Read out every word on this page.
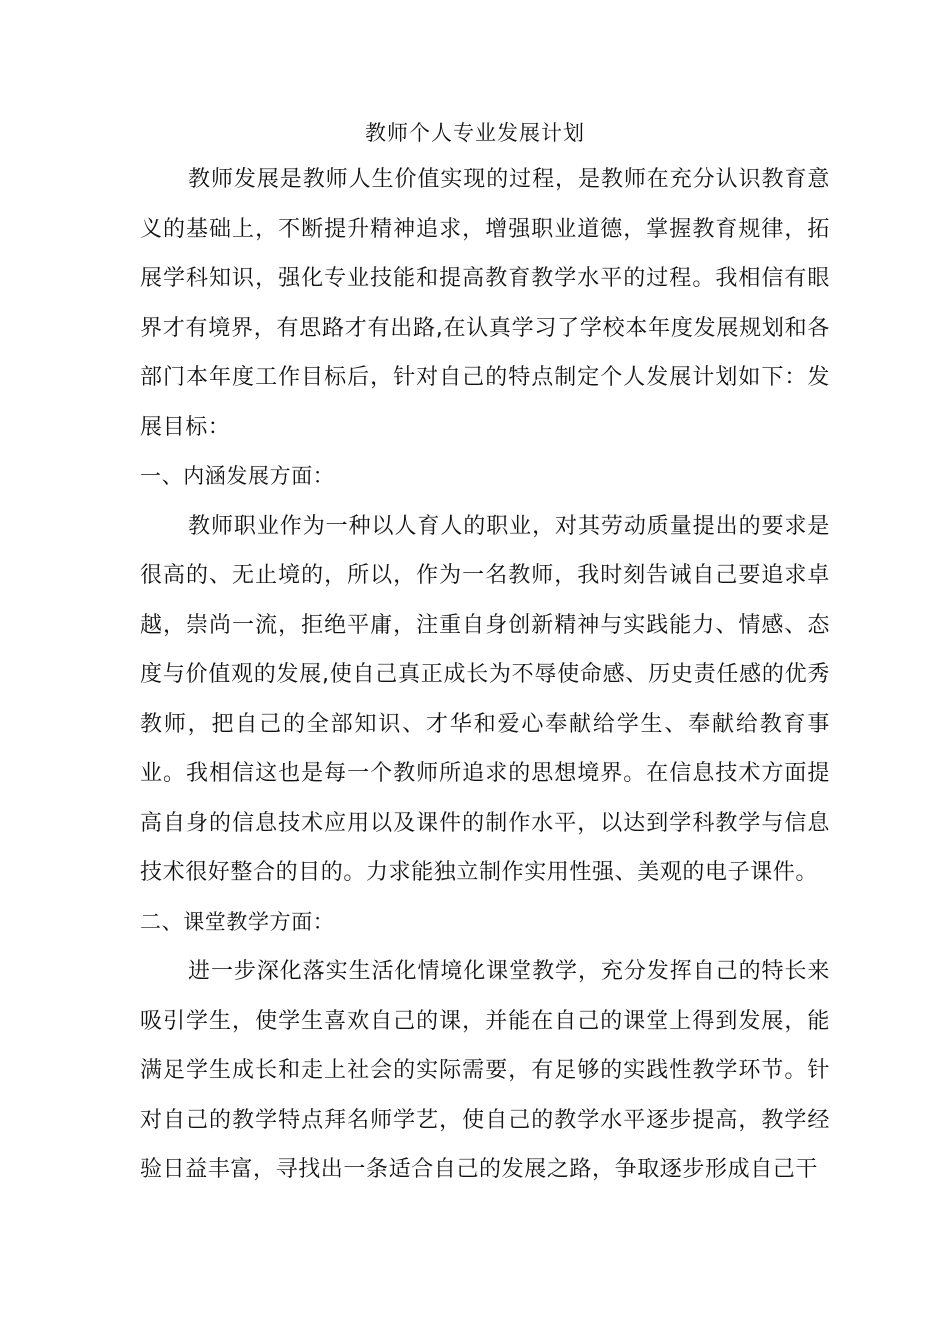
教师个人专业发展计划

教师发展是教师人生价值实现的过程，是教师在充分认识教育意义的基础上，不断提升精神追求，增强职业道德，掌握教育规律，拓展学科知识，强化专业技能和提高教育教学水平的过程。我相信有眼界才有境界，有思路才有出路,在认真学习了学校本年度发展规划和各部门本年度工作目标后，针对自己的特点制定个人发展计划如下：发展目标：

一、内涵发展方面：

教师职业作为一种以人育人的职业，对其劳动质量提出的要求是很高的、无止境的，所以，作为一名教师，我时刻告诫自己要追求卓越，崇尚一流，拒绝平庸，注重自身创新精神与实践能力、情感、态度与价值观的发展,使自己真正成长为不辱使命感、历史责任感的优秀教师，把自己的全部知识、才华和爱心奉献给学生、奉献给教育事业。我相信这也是每一个教师所追求的思想境界。在信息技术方面提高自身的信息技术应用以及课件的制作水平，以达到学科教学与信息技术很好整合的目的。力求能独立制作实用性强、美观的电子课件。

二、课堂教学方面：

进一步深化落实生活化情境化课堂教学，充分发挥自己的特长来吸引学生，使学生喜欢自己的课，并能在自己的课堂上得到发展，能满足学生成长和走上社会的实际需要，有足够的实践性教学环节。针对自己的教学特点拜名师学艺，使自己的教学水平逐步提高，教学经验日益丰富，寻找出一条适合自己的发展之路，争取逐步形成自己干
